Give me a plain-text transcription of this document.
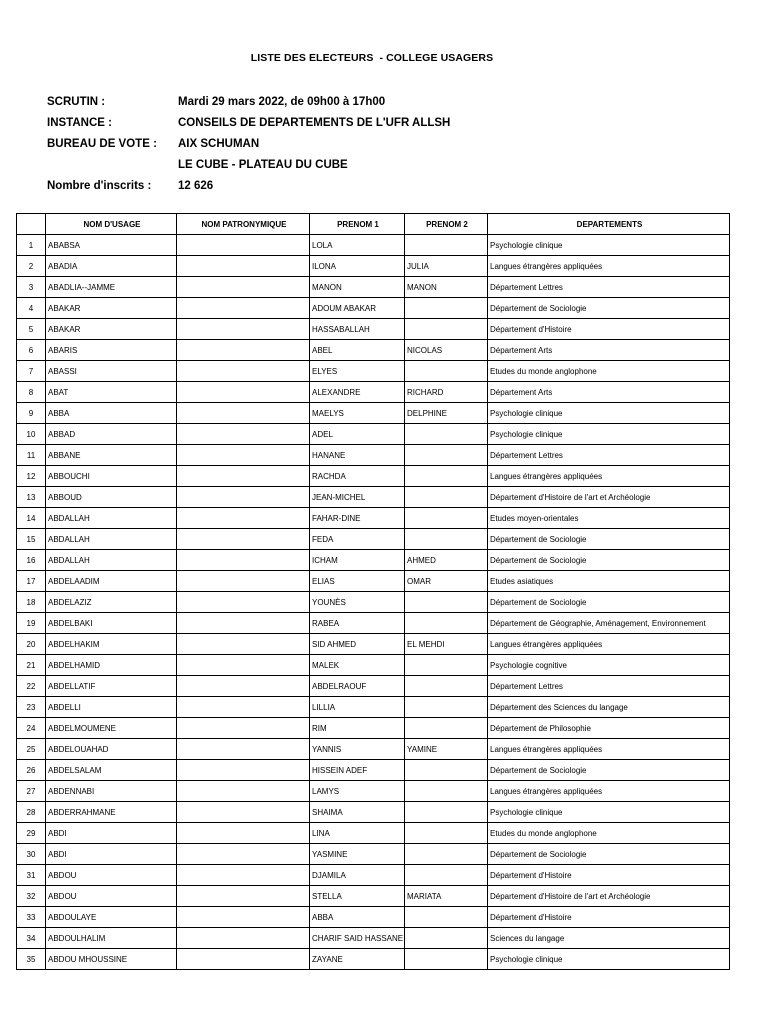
LISTE DES ELECTEURS  - COLLEGE USAGERS
SCRUTIN :	Mardi 29 mars 2022, de 09h00 à 17h00
INSTANCE :	CONSEILS DE DEPARTEMENTS DE L'UFR ALLSH
BUREAU DE VOTE :	AIX SCHUMAN
LE CUBE - PLATEAU DU CUBE
Nombre d'inscrits :	12 626
	NOM D'USAGE	NOM PATRONYMIQUE	PRENOM 1	PRENOM 2	DEPARTEMENTS
1	ABABSA		LOLA		Psychologie clinique
2	ABADIA		ILONA	JULIA	Langues étrangères appliquées
3	ABADLIA--JAMME		MANON	MANON	Département Lettres
4	ABAKAR		ADOUM ABAKAR		Département de Sociologie
5	ABAKAR		HASSABALLAH		Département d'Histoire
6	ABARIS		ABEL	NICOLAS	Département Arts
7	ABASSI		ELYES		Etudes du monde anglophone
8	ABAT		ALEXANDRE	RICHARD	Département Arts
9	ABBA		MAELYS	DELPHINE	Psychologie clinique
10	ABBAD		ADEL		Psychologie clinique
11	ABBANE		HANANE		Département Lettres
12	ABBOUCHI		RACHDA		Langues étrangères appliquées
13	ABBOUD		JEAN-MICHEL		Département d'Histoire de l'art et Archéologie
14	ABDALLAH		FAHAR-DINE		Etudes moyen-orientales
15	ABDALLAH		FEDA		Département de Sociologie
16	ABDALLAH		ICHAM	AHMED	Département de Sociologie
17	ABDELAADIM		ELIAS	OMAR	Etudes asiatiques
18	ABDELAZIZ		YOUNÈS		Département de Sociologie
19	ABDELBAKI		RABEA		Département de Géographie, Aménagement, Environnement
20	ABDELHAKIM		SID AHMED	EL MEHDI	Langues étrangères appliquées
21	ABDELHAMID		MALEK		Psychologie cognitive
22	ABDELLATIF		ABDELRAOUF		Département Lettres
23	ABDELLI		LILLIA		Département des Sciences du langage
24	ABDELMOUMENE		RIM		Département de Philosophie
25	ABDELOUAHAD		YANNIS	YAMINE	Langues étrangères appliquées
26	ABDELSALAM		HISSEIN ADEF		Département de Sociologie
27	ABDENNABI		LAMYS		Langues étrangères appliquées
28	ABDERRAHMANE		SHAIMA		Psychologie clinique
29	ABDI		LINA		Etudes du monde anglophone
30	ABDI		YASMINE		Département de Sociologie
31	ABDOU		DJAMILA		Département d'Histoire
32	ABDOU		STELLA	MARIATA	Département d'Histoire de l'art et Archéologie
33	ABDOULAYE		ABBA		Département d'Histoire
34	ABDOULHALIM		CHARIF SAID HASSANE		Sciences du langage
35	ABDOU MHOUSSINE		ZAYANE		Psychologie clinique
